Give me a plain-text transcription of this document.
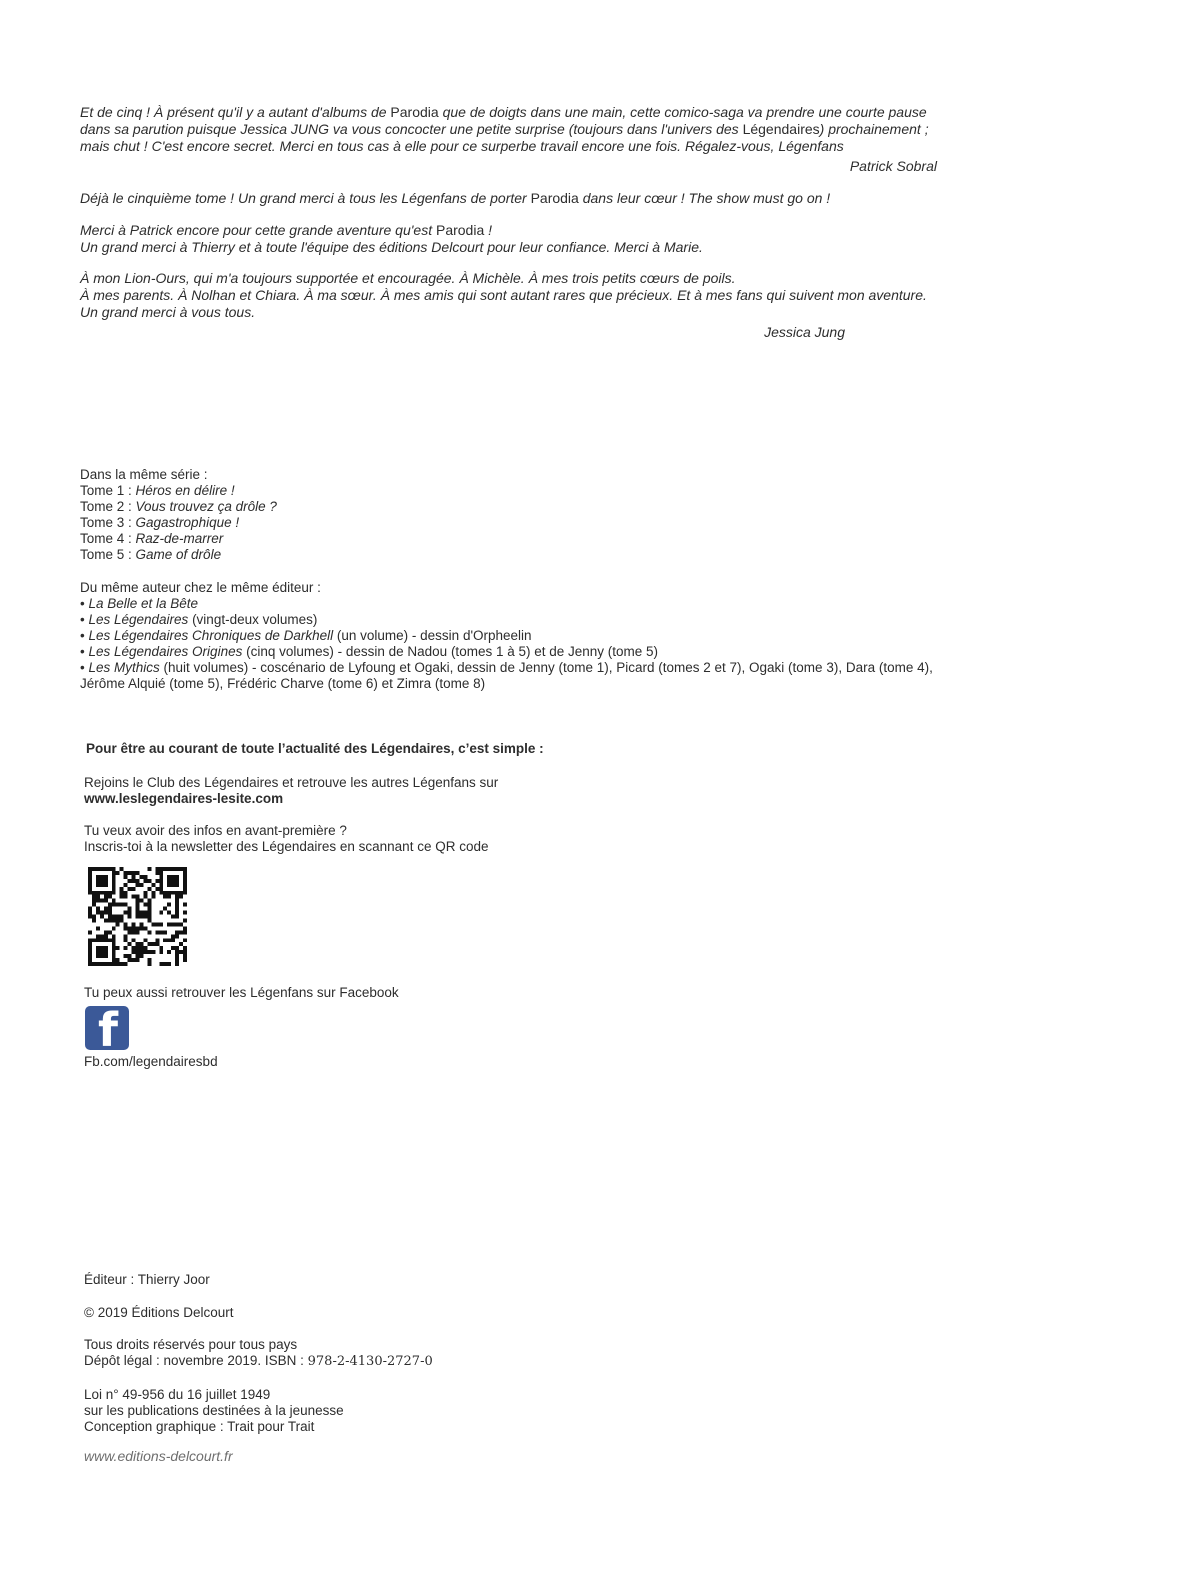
Et de cinq ! À présent qu'il y a autant d'albums de Parodia que de doigts dans une main, cette comico-saga va prendre une courte pause dans sa parution puisque Jessica JUNG va vous concocter une petite surprise (toujours dans l'univers des Légendaires) prochainement ; mais chut ! C'est encore secret. Merci en tous cas à elle pour ce surperbe travail encore une fois. Régalez-vous, Légenfans
Patrick Sobral
Déjà le cinquième tome ! Un grand merci à tous les Légenfans de porter Parodia dans leur cœur ! The show must go on !
Merci à Patrick encore pour cette grande aventure qu'est Parodia !
Un grand merci à Thierry et à toute l'équipe des éditions Delcourt pour leur confiance. Merci à Marie.
À mon Lion-Ours, qui m'a toujours supportée et encouragée. À Michèle. À mes trois petits cœurs de poils.
À mes parents. À Nolhan et Chiara. À ma sœur. À mes amis qui sont autant rares que précieux. Et à mes fans qui suivent mon aventure.
Un grand merci à vous tous.
Jessica Jung
Dans la même série :
Tome 1 : Héros en délire !
Tome 2 : Vous trouvez ça drôle ?
Tome 3 : Gagastrophique !
Tome 4 : Raz-de-marrer
Tome 5 : Game of drôle
Du même auteur chez le même éditeur :
• La Belle et la Bête
• Les Légendaires (vingt-deux volumes)
• Les Légendaires Chroniques de Darkhell (un volume) - dessin d'Orpheelin
• Les Légendaires Origines (cinq volumes) - dessin de Nadou (tomes 1 à 5) et de Jenny (tome 5)
• Les Mythics (huit volumes) - coscénario de Lyfoung et Ogaki, dessin de Jenny (tome 1), Picard (tomes 2 et 7), Ogaki (tome 3), Dara (tome 4), Jérôme Alquié (tome 5), Frédéric Charve (tome 6) et Zimra (tome 8)
Pour être au courant de toute l’actualité des Légendaires, c’est simple :
Rejoins le Club des Légendaires et retrouve les autres Légenfans sur
www.leslegendaires-lesite.com
Tu veux avoir des infos en avant-première ?
Inscris-toi à la newsletter des Légendaires en scannant ce QR code
Tu peux aussi retrouver les Légenfans sur Facebook
f
Fb.com/legendairesbd
Éditeur : Thierry Joor
© 2019 Éditions Delcourt
Tous droits réservés pour tous pays
Dépôt légal : novembre 2019. ISBN : 978-2-4130-2727-0
Loi n° 49-956 du 16 juillet 1949
sur les publications destinées à la jeunesse
Conception graphique : Trait pour Trait
www.editions-delcourt.fr
